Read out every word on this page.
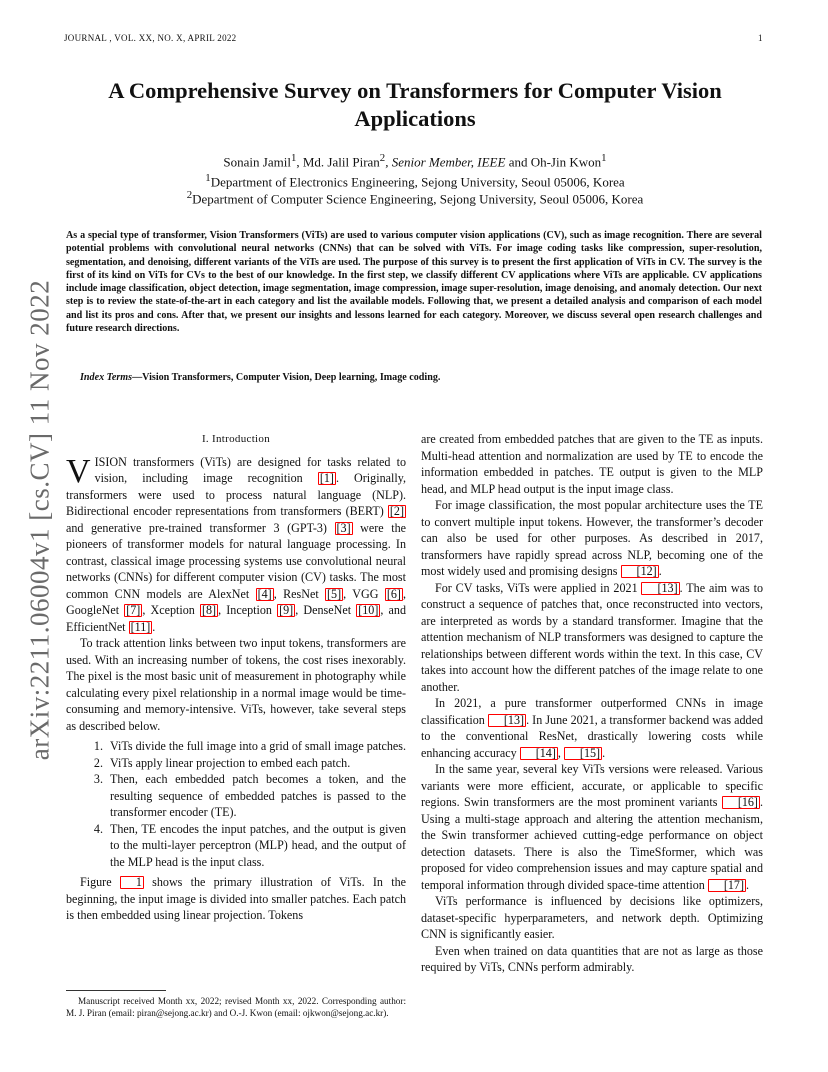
JOURNAL , VOL. XX, NO. X, APRIL 2022	1
arXiv:2211.06004v1 [cs.CV] 11 Nov 2022
A Comprehensive Survey on Transformers for Computer Vision Applications
Sonain Jamil$^1$, Md. Jalil Piran$^2$, Senior Member, IEEE and Oh-Jin Kwon$^1$
$^1$Department of Electronics Engineering, Sejong University, Seoul 05006, Korea
$^2$Department of Computer Science Engineering, Sejong University, Seoul 05006, Korea

As a special type of transformer, Vision Transformers (ViTs) are used to various computer vision applications (CV), such as image recognition. There are several potential problems with convolutional neural networks (CNNs) that can be solved with ViTs. For image coding tasks like compression, super-resolution, segmentation, and denoising, different variants of the ViTs are used. The purpose of this survey is to present the first application of ViTs in CV. The survey is the first of its kind on ViTs for CVs to the best of our knowledge. In the first step, we classify different CV applications where ViTs are applicable. CV applications include image classification, object detection, image segmentation, image compression, image super-resolution, image denoising, and anomaly detection. Our next step is to review the state-of-the-art in each category and list the available models. Following that, we present a detailed analysis and comparison of each model and list its pros and cons. After that, we present our insights and lessons learned for each category. Moreover, we discuss several open research challenges and future research directions.

Index Terms—Vision Transformers, Computer Vision, Deep learning, Image coding.
I. Introduction

VISION transformers (ViTs) are designed for tasks related to vision, including image recognition [1] . Originally, transformers were used to process natural language (NLP). Bidirectional encoder representations from transformers (BERT) [2] and generative pre-trained transformer 3 (GPT-3) [3] were the pioneers of transformer models for natural language processing. In contrast, classical image processing systems use convolutional neural networks (CNNs) for different computer vision (CV) tasks. The most common CNN models are AlexNet [4] , ResNet [5] , VGG [6] , GoogleNet [7] , Xception [8] , Inception [9] , DenseNet [10] , and EfficientNet [11] .

To track attention links between two input tokens, transformers are used. With an increasing number of tokens, the cost rises inexorably. The pixel is the most basic unit of measurement in photography while calculating every pixel relationship in a normal image would be time-consuming and memory-intensive. ViTs, however, take several steps as described below.

1. ViTs divide the full image into a grid of small image patches.
2. ViTs apply linear projection to embed each patch.
3. Then, each embedded patch becomes a token, and the resulting sequence of embedded patches is passed to the transformer encoder (TE).
4. Then, TE encodes the input patches, and the output is given to the multi-layer perceptron (MLP) head, and the output of the MLP head is the input class.

Figure 1 shows the primary illustration of ViTs. In the beginning, the input image is divided into smaller patches. Each patch is then embedded using linear projection. Tokens

are created from embedded patches that are given to the TE as inputs. Multi-head attention and normalization are used by TE to encode the information embedded in patches. TE output is given to the MLP head, and MLP head output is the input image class.

For image classification, the most popular architecture uses the TE to convert multiple input tokens. However, the transformer’s decoder can also be used for other purposes. As described in 2017, transformers have rapidly spread across NLP, becoming one of the most widely used and promising designs [12] .

For CV tasks, ViTs were applied in 2021 [13] . The aim was to construct a sequence of patches that, once reconstructed into vectors, are interpreted as words by a standard transformer. Imagine that the attention mechanism of NLP transformers was designed to capture the relationships between different words within the text. In this case, CV takes into account how the different patches of the image relate to one another.

In 2021, a pure transformer outperformed CNNs in image classification [13] . In June 2021, a transformer backend was added to the conventional ResNet, drastically lowering costs while enhancing accuracy [14] , [15] .

In the same year, several key ViTs versions were released. Various variants were more efficient, accurate, or applicable to specific regions. Swin transformers are the most prominent variants [16] . Using a multi-stage approach and altering the attention mechanism, the Swin transformer achieved cutting-edge performance on object detection datasets. There is also the TimeSformer, which was proposed for video comprehension issues and may capture spatial and temporal information through divided space-time attention [17] .

ViTs performance is influenced by decisions like optimizers, dataset-specific hyperparameters, and network depth. Optimizing CNN is significantly easier.

Even when trained on data quantities that are not as large as those required by ViTs, CNNs perform admirably.

Manuscript received Month xx, 2022; revised Month xx, 2022. Corresponding author: M. J. Piran (email: piran@sejong.ac.kr) and O.-J. Kwon (email: ojkwon@sejong.ac.kr).
